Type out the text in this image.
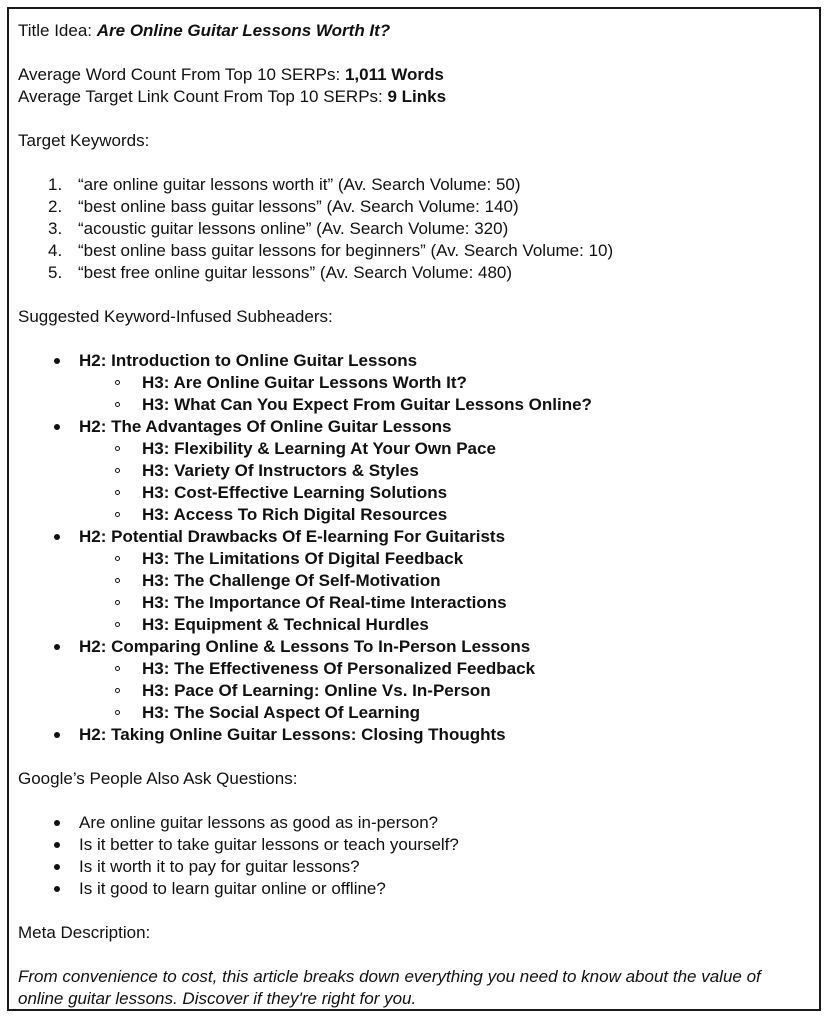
Title Idea: Are Online Guitar Lessons Worth It?
Average Word Count From Top 10 SERPs: 1,011 Words
Average Target Link Count From Top 10 SERPs: 9 Links
Target Keywords:
1. “are online guitar lessons worth it” (Av. Search Volume: 50)
2. “best online bass guitar lessons” (Av. Search Volume: 140)
3. “acoustic guitar lessons online” (Av. Search Volume: 320)
4. “best online bass guitar lessons for beginners” (Av. Search Volume: 10)
5. “best free online guitar lessons” (Av. Search Volume: 480)
Suggested Keyword-Infused Subheaders:
H2: Introduction to Online Guitar Lessons
H3: Are Online Guitar Lessons Worth It?
H3: What Can You Expect From Guitar Lessons Online?
H2: The Advantages Of Online Guitar Lessons
H3: Flexibility & Learning At Your Own Pace
H3: Variety Of Instructors & Styles
H3: Cost-Effective Learning Solutions
H3: Access To Rich Digital Resources
H2: Potential Drawbacks Of E-learning For Guitarists
H3: The Limitations Of Digital Feedback
H3: The Challenge Of Self-Motivation
H3: The Importance Of Real-time Interactions
H3: Equipment & Technical Hurdles
H2: Comparing Online & Lessons To In-Person Lessons
H3: The Effectiveness Of Personalized Feedback
H3: Pace Of Learning: Online Vs. In-Person
H3: The Social Aspect Of Learning
H2: Taking Online Guitar Lessons: Closing Thoughts
Google’s People Also Ask Questions:
Are online guitar lessons as good as in-person?
Is it better to take guitar lessons or teach yourself?
Is it worth it to pay for guitar lessons?
Is it good to learn guitar online or offline?
Meta Description:
From convenience to cost, this article breaks down everything you need to know about the value of online guitar lessons. Discover if they're right for you.
